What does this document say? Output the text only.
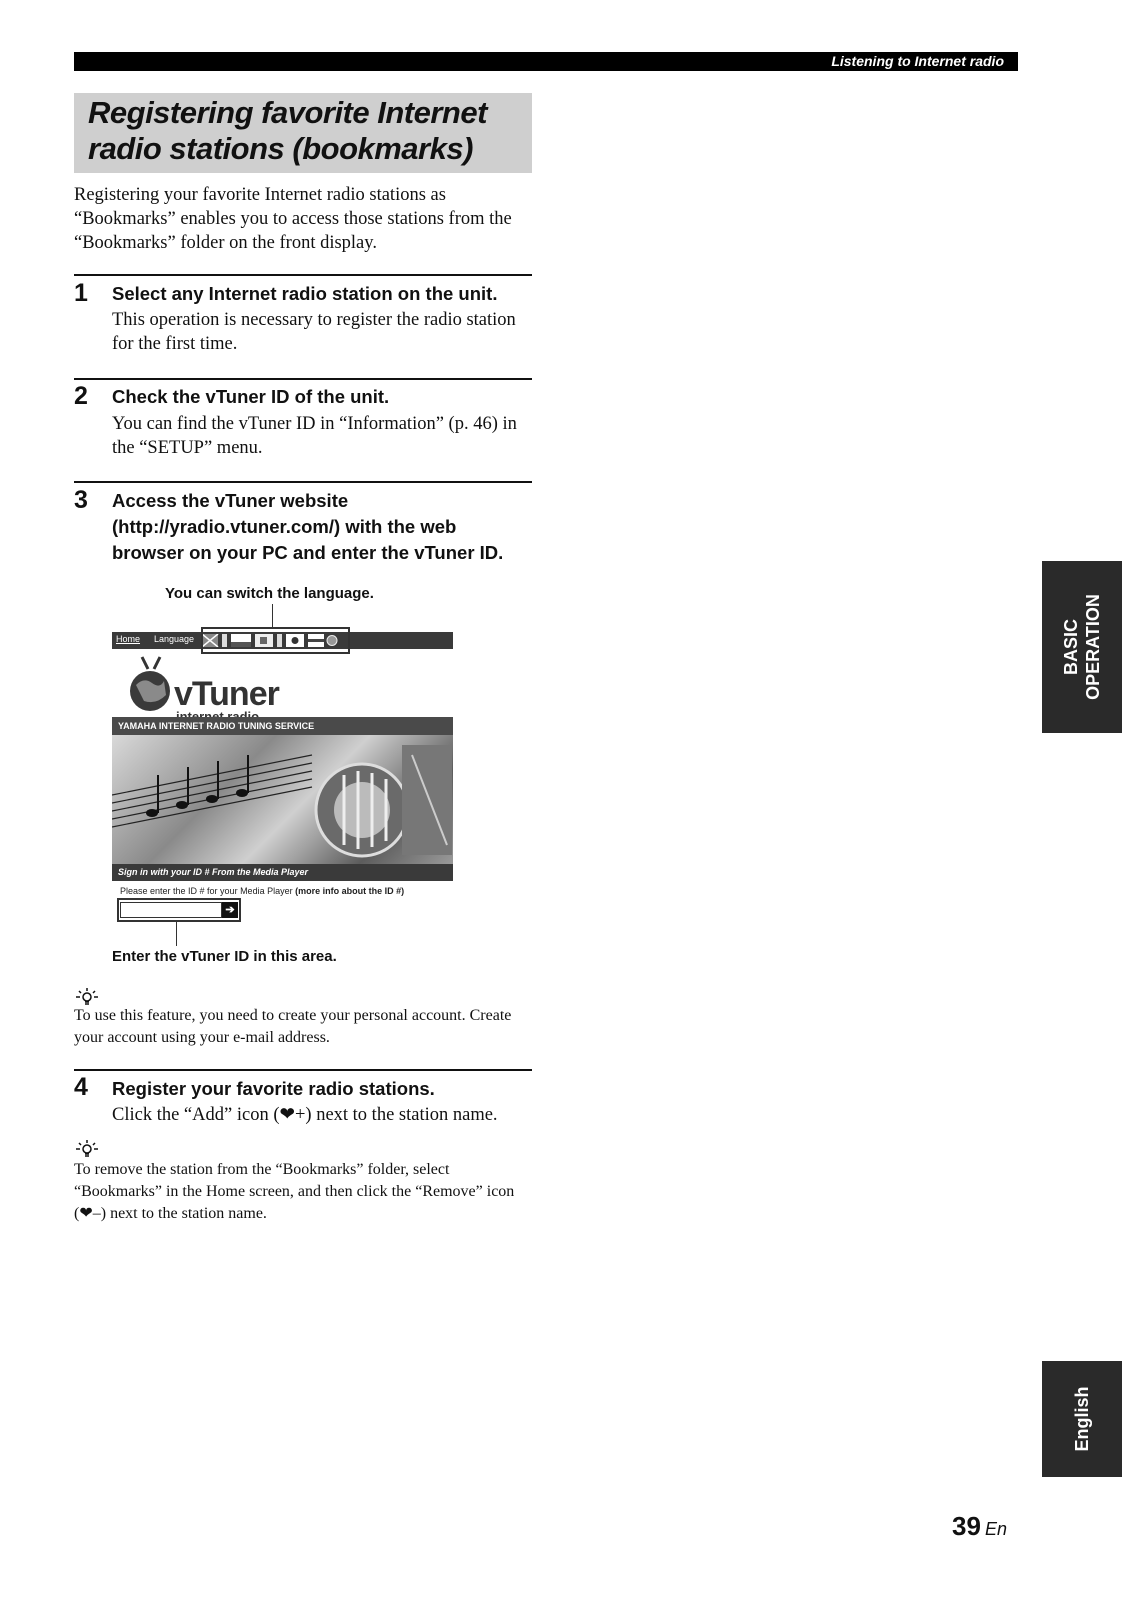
Listening to Internet radio
Registering favorite Internet radio stations (bookmarks)
Registering your favorite Internet radio stations as “Bookmarks” enables you to access those stations from the “Bookmarks” folder on the front display.
1 Select any Internet radio station on the unit.
This operation is necessary to register the radio station for the first time.
2 Check the vTuner ID of the unit.
You can find the vTuner ID in “Information” (p. 46) in the “SETUP” menu.
3 Access the vTuner website (http://yradio.vtuner.com/) with the web browser on your PC and enter the vTuner ID.
You can switch the language.
Home Language
vTuner
YAMAHA INTERNET RADIO TUNING SERVICE
Sign in with your ID # From the Media Player
Please enter the ID # for your Media Player (more info about the ID #)
➔
Enter the vTuner ID in this area.
To use this feature, you need to create your personal account. Create your account using your e-mail address.
4 Register your favorite radio stations.
Click the “Add” icon (❤+) next to the station name.
To remove the station from the “Bookmarks” folder, select “Bookmarks” in the Home screen, and then click the “Remove” icon (❤–) next to the station name.
BASIC OPERATION
English
39 En
